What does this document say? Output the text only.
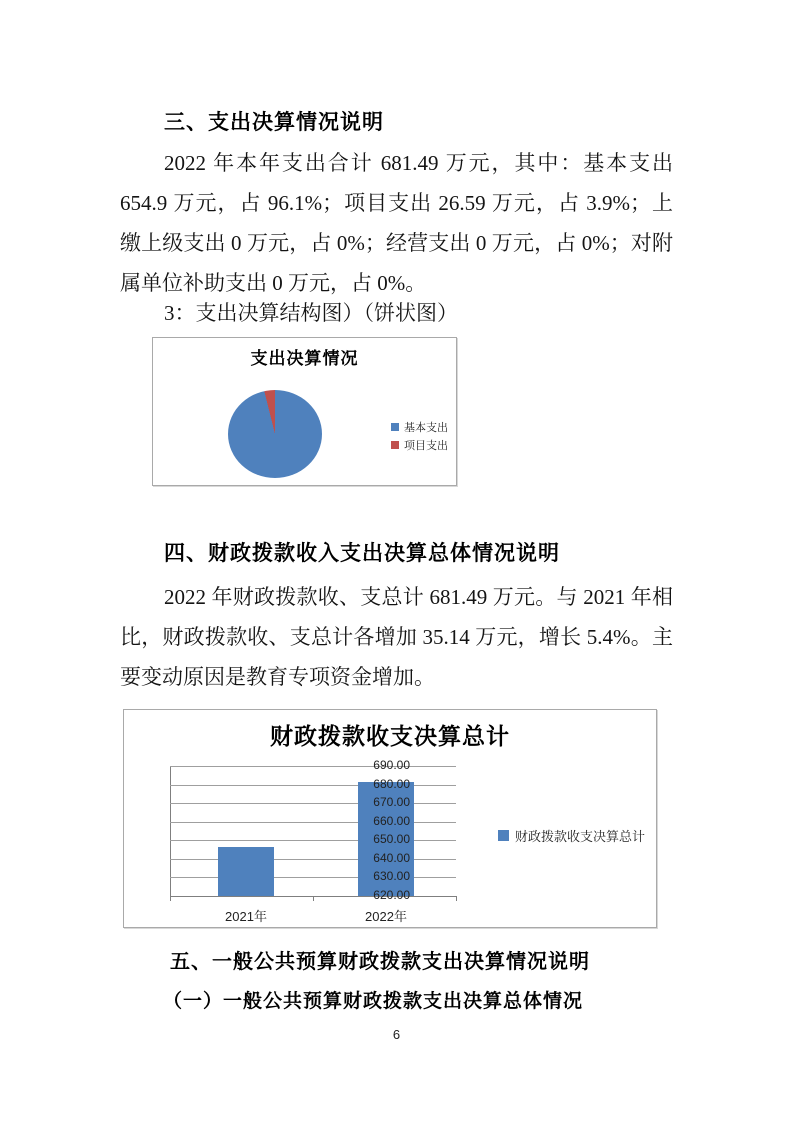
三、支出决算情况说明
2022 年本年支出合计 681.49 万元，其中：基本支出
654.9 万元，占 96.1%；项目支出 26.59 万元，占 3.9%；上
缴上级支出 0 万元，占 0%；经营支出 0 万元，占 0%；对附
属单位补助支出 0 万元，占 0%。
3：支出决算结构图）（饼状图）
支出决算情况
基本支出
项目支出
四、财政拨款收入支出决算总体情况说明
2022 年财政拨款收、支总计 681.49 万元。与 2021 年相
比，财政拨款收、支总计各增加 35.14 万元，增长 5.4%。主
要变动原因是教育专项资金增加。
财政拨款收支决算总计
2021年	2022年
财政拨款收支决算总计
690.00
680.00
670.00
660.00
650.00
640.00
630.00
620.00
五、一般公共预算财政拨款支出决算情况说明
（一）一般公共预算财政拨款支出决算总体情况
6
